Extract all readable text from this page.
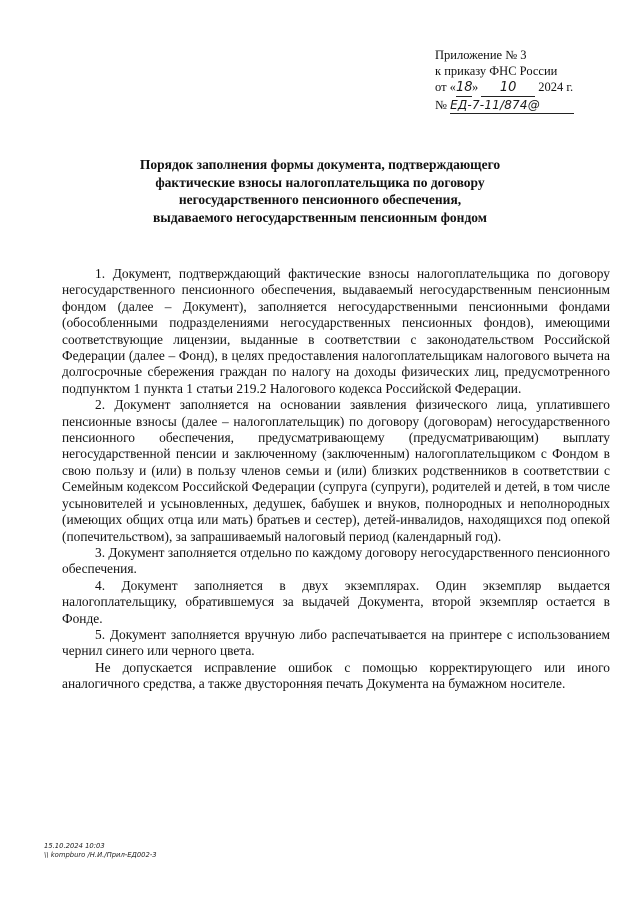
Приложение № 3
к приказу ФНС России
от «18» 10 2024 г.
№ ЕД-7-11/874@
Порядок заполнения формы документа, подтверждающего
фактические взносы налогоплательщика по договору
негосударственного пенсионного обеспечения,
выдаваемого негосударственным пенсионным фондом

1. Документ, подтверждающий фактические взносы налогоплательщика по договору негосударственного пенсионного обеспечения, выдаваемый негосударственным пенсионным фондом (далее – Документ), заполняется негосударственными пенсионными фондами (обособленными подразделениями негосударственных пенсионных фондов), имеющими соответствующие лицензии, выданные в соответствии с законодательством Российской Федерации (далее – Фонд), в целях предоставления налогоплательщикам налогового вычета на долгосрочные сбережения граждан по налогу на доходы физических лиц, предусмотренного подпунктом 1 пункта 1 статьи 219.2 Налогового кодекса Российской Федерации.

2. Документ заполняется на основании заявления физического лица, уплатившего пенсионные взносы (далее – налогоплательщик) по договору (договорам) негосударственного пенсионного обеспечения, предусматривающему (предусматривающим) выплату негосударственной пенсии и заключенному (заключенным) налогоплательщиком с Фондом в свою пользу и (или) в пользу членов семьи и (или) близких родственников в соответствии с Семейным кодексом Российской Федерации (супруга (супруги), родителей и детей, в том числе усыновителей и усыновленных, дедушек, бабушек и внуков, полнородных и неполнородных (имеющих общих отца или мать) братьев и сестер), детей-инвалидов, находящихся под опекой (попечительством), за запрашиваемый налоговый период (календарный год).

3. Документ заполняется отдельно по каждому договору негосударственного пенсионного обеспечения.

4. Документ заполняется в двух экземплярах. Один экземпляр выдается налогоплательщику, обратившемуся за выдачей Документа, второй экземпляр остается в Фонде.

5. Документ заполняется вручную либо распечатывается на принтере с использованием чернил синего или черного цвета.

Не допускается исправление ошибок с помощью корректирующего или иного аналогичного средства, а также двусторонняя печать Документа на бумажном носителе.

15.10.2024 10:03
\\ kompburo /Н.И./Прил-ЕД002-3
